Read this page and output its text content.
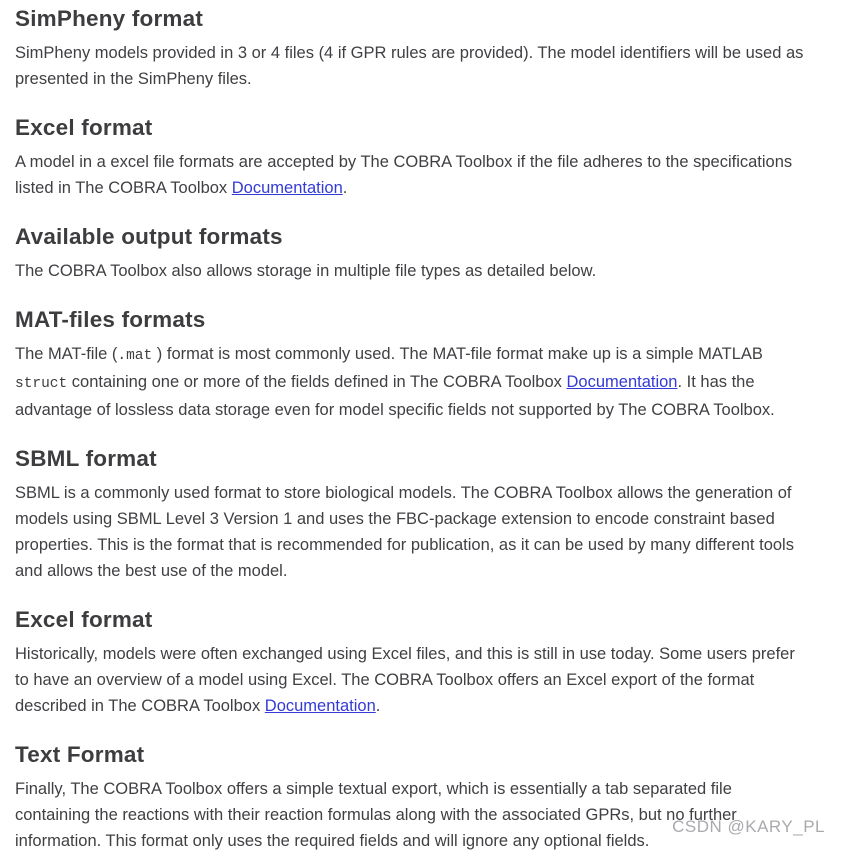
SimPheny format
SimPheny models provided in 3 or 4 files (4 if GPR rules are provided). The model identifiers will be used as
presented in the SimPheny files.
Excel format
A model in a excel file formats are accepted by The COBRA Toolbox if the file adheres to the specifications
listed in The COBRA Toolbox Documentation.
Available output formats
The COBRA Toolbox also allows storage in multiple file types as detailed below.
MAT-files formats
The MAT-file (.mat ) format is most commonly used. The MAT-file format make up is a simple MATLAB
struct containing one or more of the fields defined in The COBRA Toolbox Documentation. It has the
advantage of lossless data storage even for model specific fields not supported by The COBRA Toolbox.
SBML format
SBML is a commonly used format to store biological models. The COBRA Toolbox allows the generation of
models using SBML Level 3 Version 1 and uses the FBC-package extension to encode constraint based
properties. This is the format that is recommended for publication, as it can be used by many different tools
and allows the best use of the model.
Excel format
Historically, models were often exchanged using Excel files, and this is still in use today. Some users prefer
to have an overview of a model using Excel. The COBRA Toolbox offers an Excel export of the format
described in The COBRA Toolbox Documentation.
Text Format
Finally, The COBRA Toolbox offers a simple textual export, which is essentially a tab separated file
containing the reactions with their reaction formulas along with the associated GPRs, but no further
information. This format only uses the required fields and will ignore any optional fields.
CSDN @KARY_PL
